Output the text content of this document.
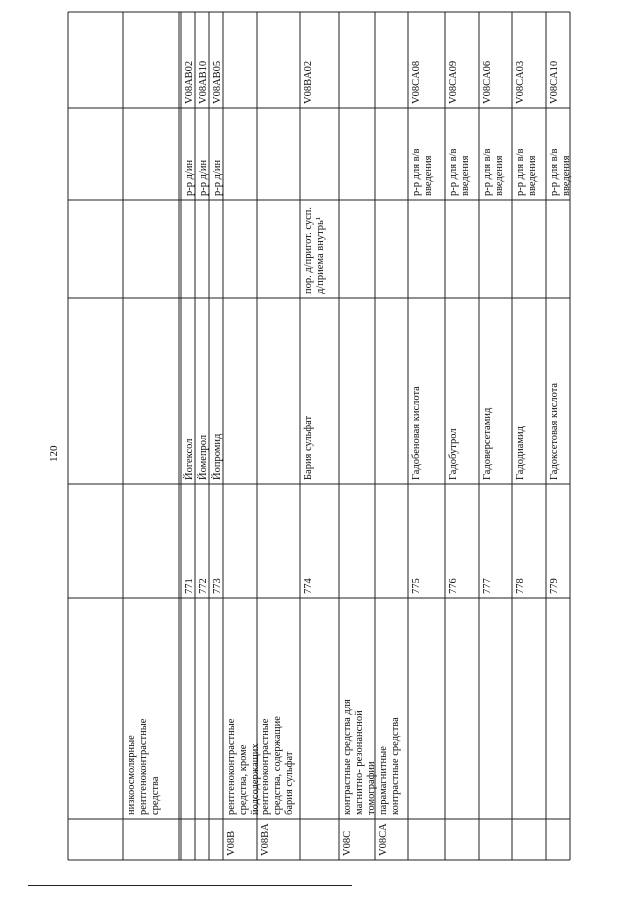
120
низкоосмолярные рентгеноконтрастные средства
771
Йогексол
р-р д/ин
V08AB02
772
Йомепрол
р-р д/ин
V08AB10
773
Йопромид
р-р д/ин
V08AB05
V08B
рентгеноконтрастные средства, кроме йодсодержащих
V08BA
рентгеноконтрастные средства, содержащие бария сульфат
774
Бария сульфат
пор. д/пригот. сусп. д/приема внутрь¹
V08BA02
V08C
контрастные средства для магнитно- резонансной томографии
V08CA
парамагнитные контрастные средства
775
Гадобеновая кислота
р-р для в/в введения
V08CA08
776
Гадобутрол
р-р для в/в введения
V08CA09
777
Гадоверсетамид
р-р для в/в введения
V08CA06
778
Гадодиамид
р-р для в/в введения
V08CA03
779
Гадоксетовая кислота
р-р для в/в введения
V08CA10
